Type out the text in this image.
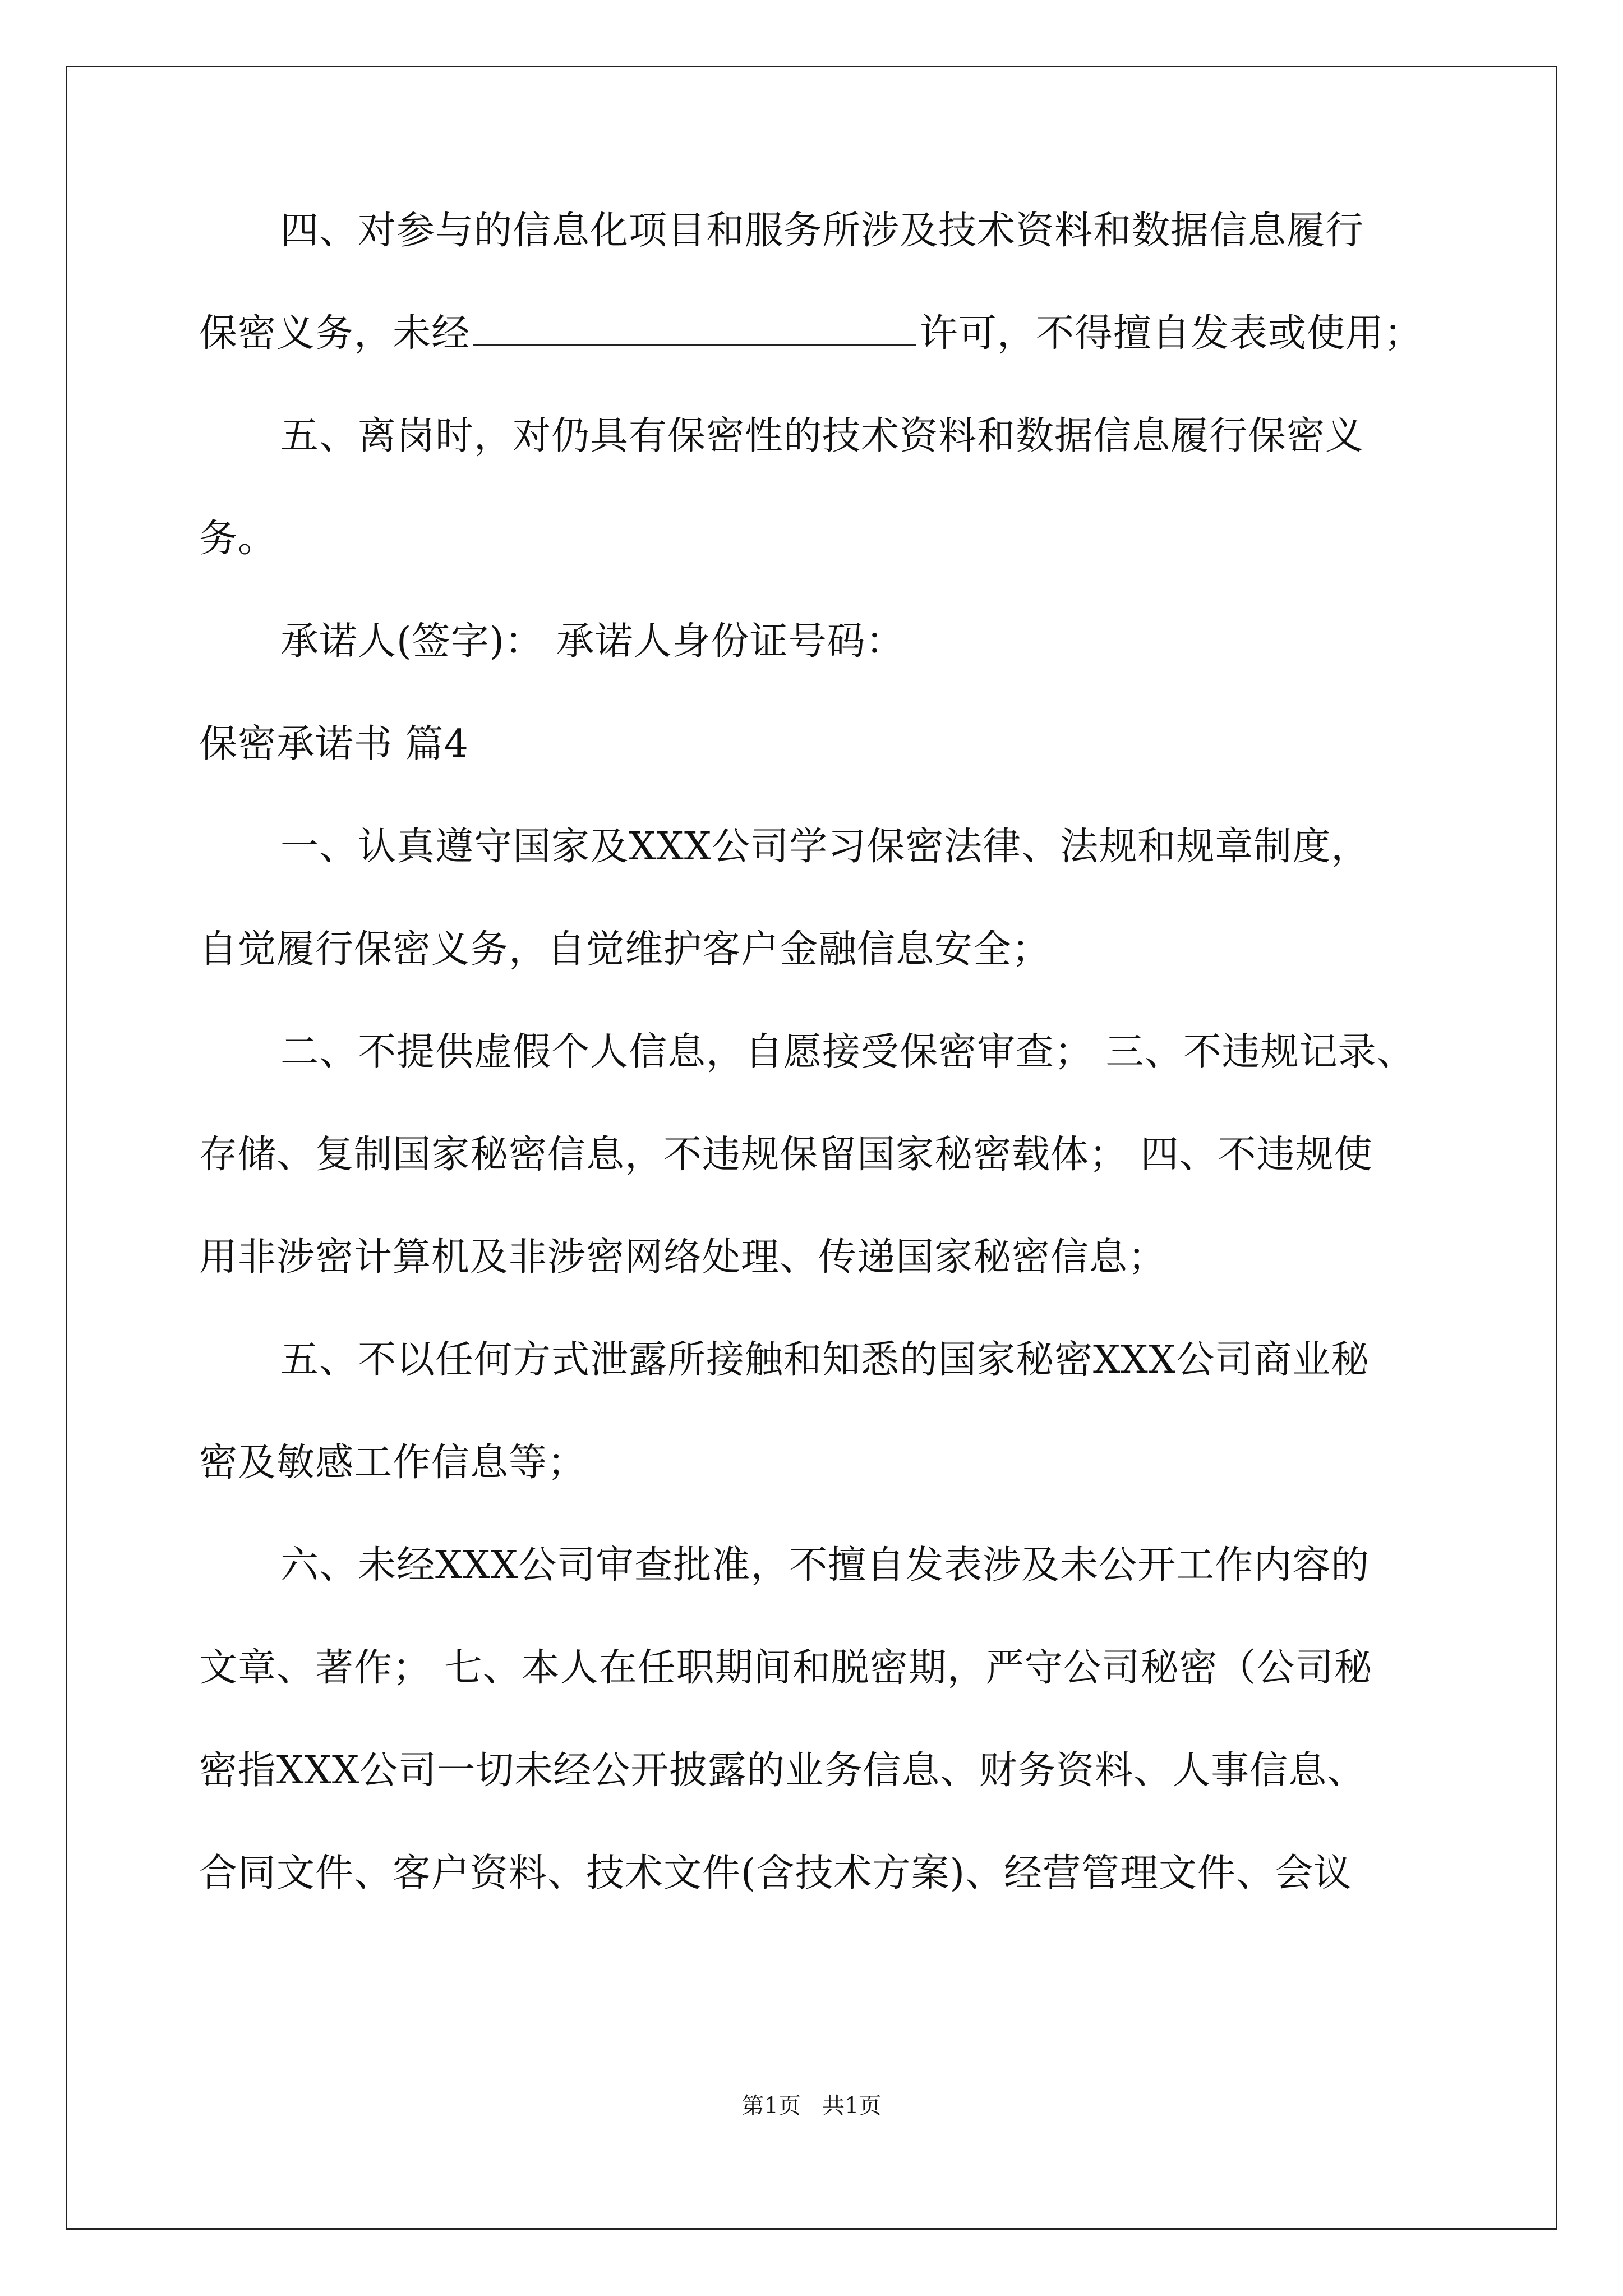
四、对参与的信息化项目和服务所涉及技术资料和数据信息履行
保密义务，未经	许可，不得擅自发表或使用；
五、离岗时，对仍具有保密性的技术资料和数据信息履行保密义
务。
承诺人(签字)： 承诺人身份证号码：
保密承诺书 篇4
一、认真遵守国家及XXX公司学习保密法律、法规和规章制度，
自觉履行保密义务，自觉维护客户金融信息安全；
二、不提供虚假个人信息，自愿接受保密审查； 三、不违规记录、
存储、复制国家秘密信息，不违规保留国家秘密载体； 四、不违规使
用非涉密计算机及非涉密网络处理、传递国家秘密信息；
五、不以任何方式泄露所接触和知悉的国家秘密XXX公司商业秘
密及敏感工作信息等；
六、未经XXX公司审查批准，不擅自发表涉及未公开工作内容的
文章、著作； 七、本人在任职期间和脱密期，严守公司秘密（公司秘
密指XXX公司一切未经公开披露的业务信息、财务资料、人事信息、
合同文件、客户资料、技术文件(含技术方案)、经营管理文件、会议
第1页   共1页
